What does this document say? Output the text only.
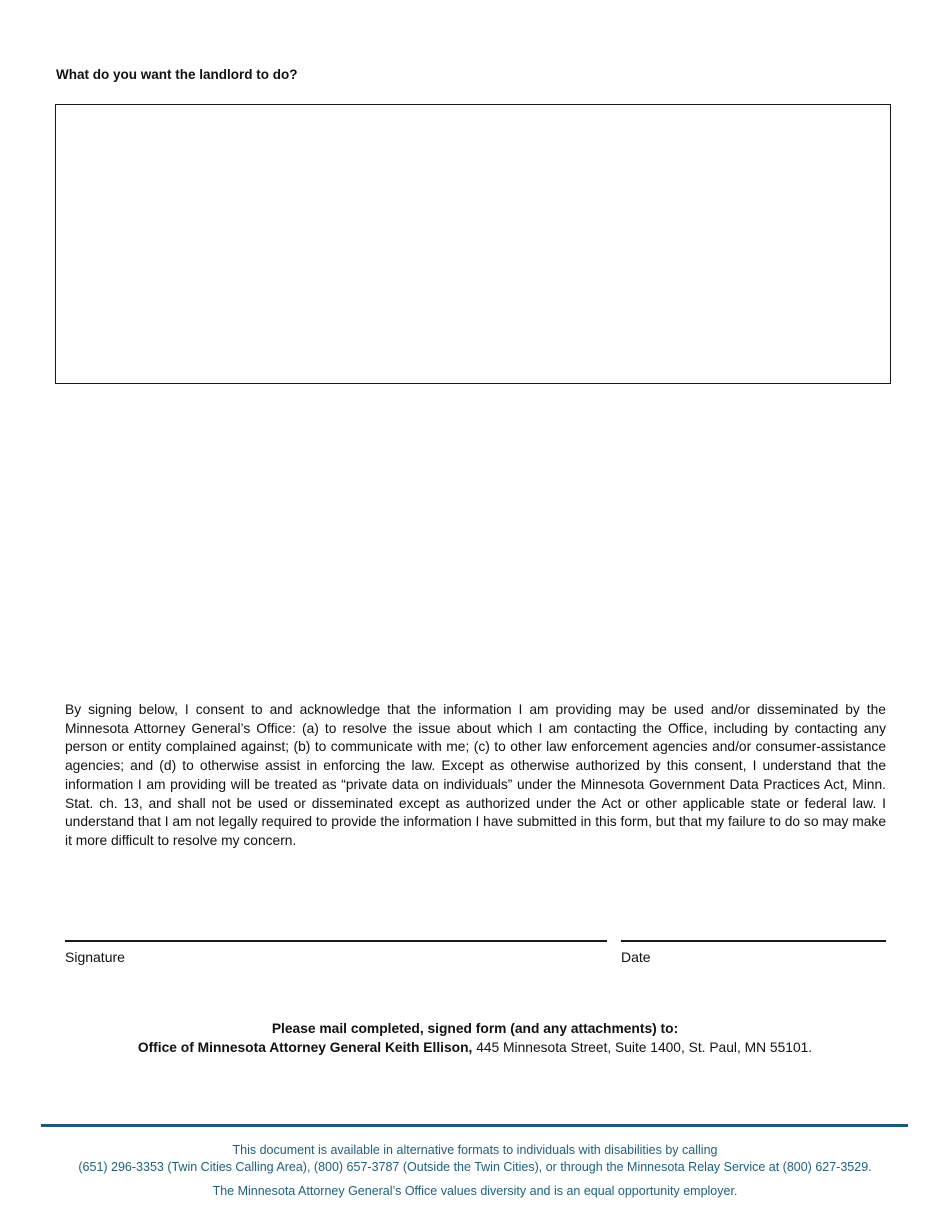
What do you want the landlord to do?

By signing below, I consent to and acknowledge that the information I am providing may be used and/or disseminated by the Minnesota Attorney General’s Office: (a) to resolve the issue about which I am contacting the Office, including by contacting any person or entity complained against; (b) to communicate with me; (c) to other law enforcement agencies and/or consumer-assistance agencies; and (d) to otherwise assist in enforcing the law. Except as otherwise authorized by this consent, I understand that the information I am providing will be treated as “private data on individuals” under the Minnesota Government Data Practices Act, Minn. Stat. ch. 13, and shall not be used or disseminated except as authorized under the Act or other applicable state or federal law. I understand that I am not legally required to provide the information I have submitted in this form, but that my failure to do so may make it more difficult to resolve my concern.

Signature	Date

Please mail completed, signed form (and any attachments) to:

Office of Minnesota Attorney General Keith Ellison, 445 Minnesota Street, Suite 1400, St. Paul, MN 55101.

This document is available in alternative formats to individuals with disabilities by calling

(651) 296-3353 (Twin Cities Calling Area), (800) 657-3787 (Outside the Twin Cities), or through the Minnesota Relay Service at (800) 627-3529.

The Minnesota Attorney General’s Office values diversity and is an equal opportunity employer.
